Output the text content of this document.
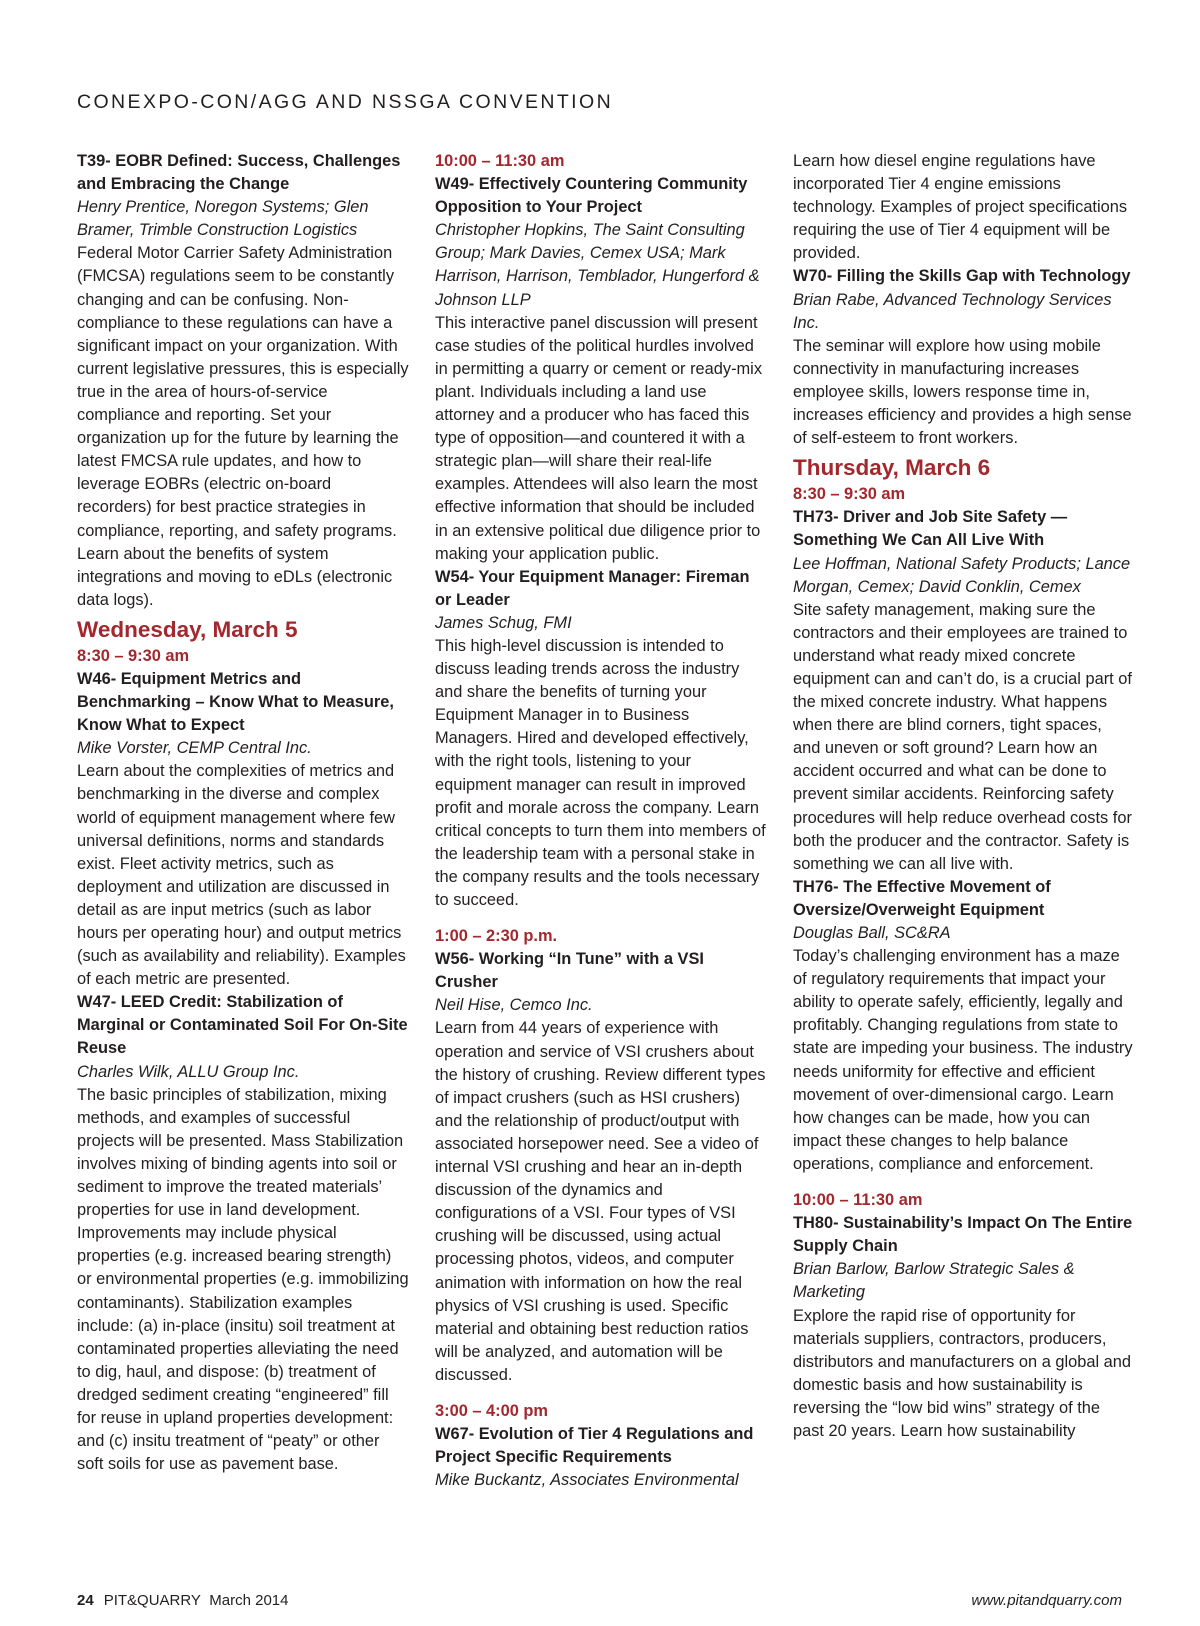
CONEXPO-CON/AGG AND NSSGA CONVENTION

T39- EOBR Defined: Success, Challenges and Embracing the Change

Henry Prentice, Noregon Systems; Glen Bramer, Trimble Construction Logistics

Federal Motor Carrier Safety Administration (FMCSA) regulations seem to be constantly changing and can be confusing. Non-compliance to these regulations can have a significant impact on your organization. With current legislative pressures, this is especially true in the area of hours-of-service compliance and reporting. Set your organization up for the future by learning the latest FMCSA rule updates, and how to leverage EOBRs (electric on-board recorders) for best practice strategies in compliance, reporting, and safety programs. Learn about the benefits of system integrations and moving to eDLs (electronic data logs).

Wednesday, March 5

8:30 – 9:30 am

W46- Equipment Metrics and Benchmarking – Know What to Measure, Know What to Expect

Mike Vorster, CEMP Central Inc.

Learn about the complexities of metrics and benchmarking in the diverse and complex world of equipment management where few universal definitions, norms and standards exist. Fleet activity metrics, such as deployment and utilization are discussed in detail as are input metrics (such as labor hours per operating hour) and output metrics (such as availability and reliability). Examples of each metric are presented.

W47- LEED Credit: Stabilization of Marginal or Contaminated Soil For On-Site Reuse

Charles Wilk, ALLU Group Inc.

The basic principles of stabilization, mixing methods, and examples of successful projects will be presented. Mass Stabilization involves mixing of binding agents into soil or sediment to improve the treated materials’ properties for use in land development. Improvements may include physical properties (e.g. increased bearing strength) or environmental properties (e.g. immobilizing contaminants). Stabilization examples include: (a) in-place (insitu) soil treatment at contaminated properties alleviating the need to dig, haul, and dispose: (b) treatment of dredged sediment creating “engineered” fill for reuse in upland properties development: and (c) insitu treatment of “peaty” or other soft soils for use as pavement base.

10:00 – 11:30 am

W49- Effectively Countering Community Opposition to Your Project

Christopher Hopkins, The Saint Consulting Group; Mark Davies, Cemex USA; Mark Harrison, Harrison, Temblador, Hungerford & Johnson LLP

This interactive panel discussion will present case studies of the political hurdles involved in permitting a quarry or cement or ready-mix plant. Individuals including a land use attorney and a producer who has faced this type of opposition—and countered it with a strategic plan—will share their real-life examples. Attendees will also learn the most effective information that should be included in an extensive political due diligence prior to making your application public.

W54- Your Equipment Manager: Fireman or Leader

James Schug, FMI

This high-level discussion is intended to discuss leading trends across the industry and share the benefits of turning your Equipment Manager in to Business Managers. Hired and developed effectively, with the right tools, listening to your equipment manager can result in improved profit and morale across the company. Learn critical concepts to turn them into members of the leadership team with a personal stake in the company results and the tools necessary to succeed.

1:00 – 2:30 p.m.

W56- Working “In Tune” with a VSI Crusher

Neil Hise, Cemco Inc.

Learn from 44 years of experience with operation and service of VSI crushers about the history of crushing. Review different types of impact crushers (such as HSI crushers) and the relationship of product/output with associated horsepower need. See a video of internal VSI crushing and hear an in-depth discussion of the dynamics and configurations of a VSI. Four types of VSI crushing will be discussed, using actual processing photos, videos, and computer animation with information on how the real physics of VSI crushing is used. Specific material and obtaining best reduction ratios will be analyzed, and automation will be discussed.

3:00 – 4:00 pm

W67- Evolution of Tier 4 Regulations and Project Specific Requirements

Mike Buckantz, Associates Environmental

Learn how diesel engine regulations have incorporated Tier 4 engine emissions technology. Examples of project specifications requiring the use of Tier 4 equipment will be provided.

W70- Filling the Skills Gap with Technology

Brian Rabe, Advanced Technology Services Inc.

The seminar will explore how using mobile connectivity in manufacturing increases employee skills, lowers response time in, increases efficiency and provides a high sense of self-esteem to front workers.

Thursday, March 6

8:30 – 9:30 am

TH73- Driver and Job Site Safety — Something We Can All Live With

Lee Hoffman, National Safety Products; Lance Morgan, Cemex; David Conklin, Cemex

Site safety management, making sure the contractors and their employees are trained to understand what ready mixed concrete equipment can and can’t do, is a crucial part of the mixed concrete industry. What happens when there are blind corners, tight spaces, and uneven or soft ground? Learn how an accident occurred and what can be done to prevent similar accidents. Reinforcing safety procedures will help reduce overhead costs for both the producer and the contractor. Safety is something we can all live with.

TH76- The Effective Movement of Oversize/Overweight Equipment

Douglas Ball, SC&RA

Today’s challenging environment has a maze of regulatory requirements that impact your ability to operate safely, efficiently, legally and profitably. Changing regulations from state to state are impeding your business. The industry needs uniformity for effective and efficient movement of over-dimensional cargo. Learn how changes can be made, how you can impact these changes to help balance operations, compliance and enforcement.

10:00 – 11:30 am

TH80- Sustainability’s Impact On The Entire Supply Chain

Brian Barlow, Barlow Strategic Sales & Marketing

Explore the rapid rise of opportunity for materials suppliers, contractors, producers, distributors and manufacturers on a global and domestic basis and how sustainability is reversing the “low bid wins” strategy of the past 20 years. Learn how sustainability

24 PIT&QUARRY March 2014	www.pitandquarry.com
